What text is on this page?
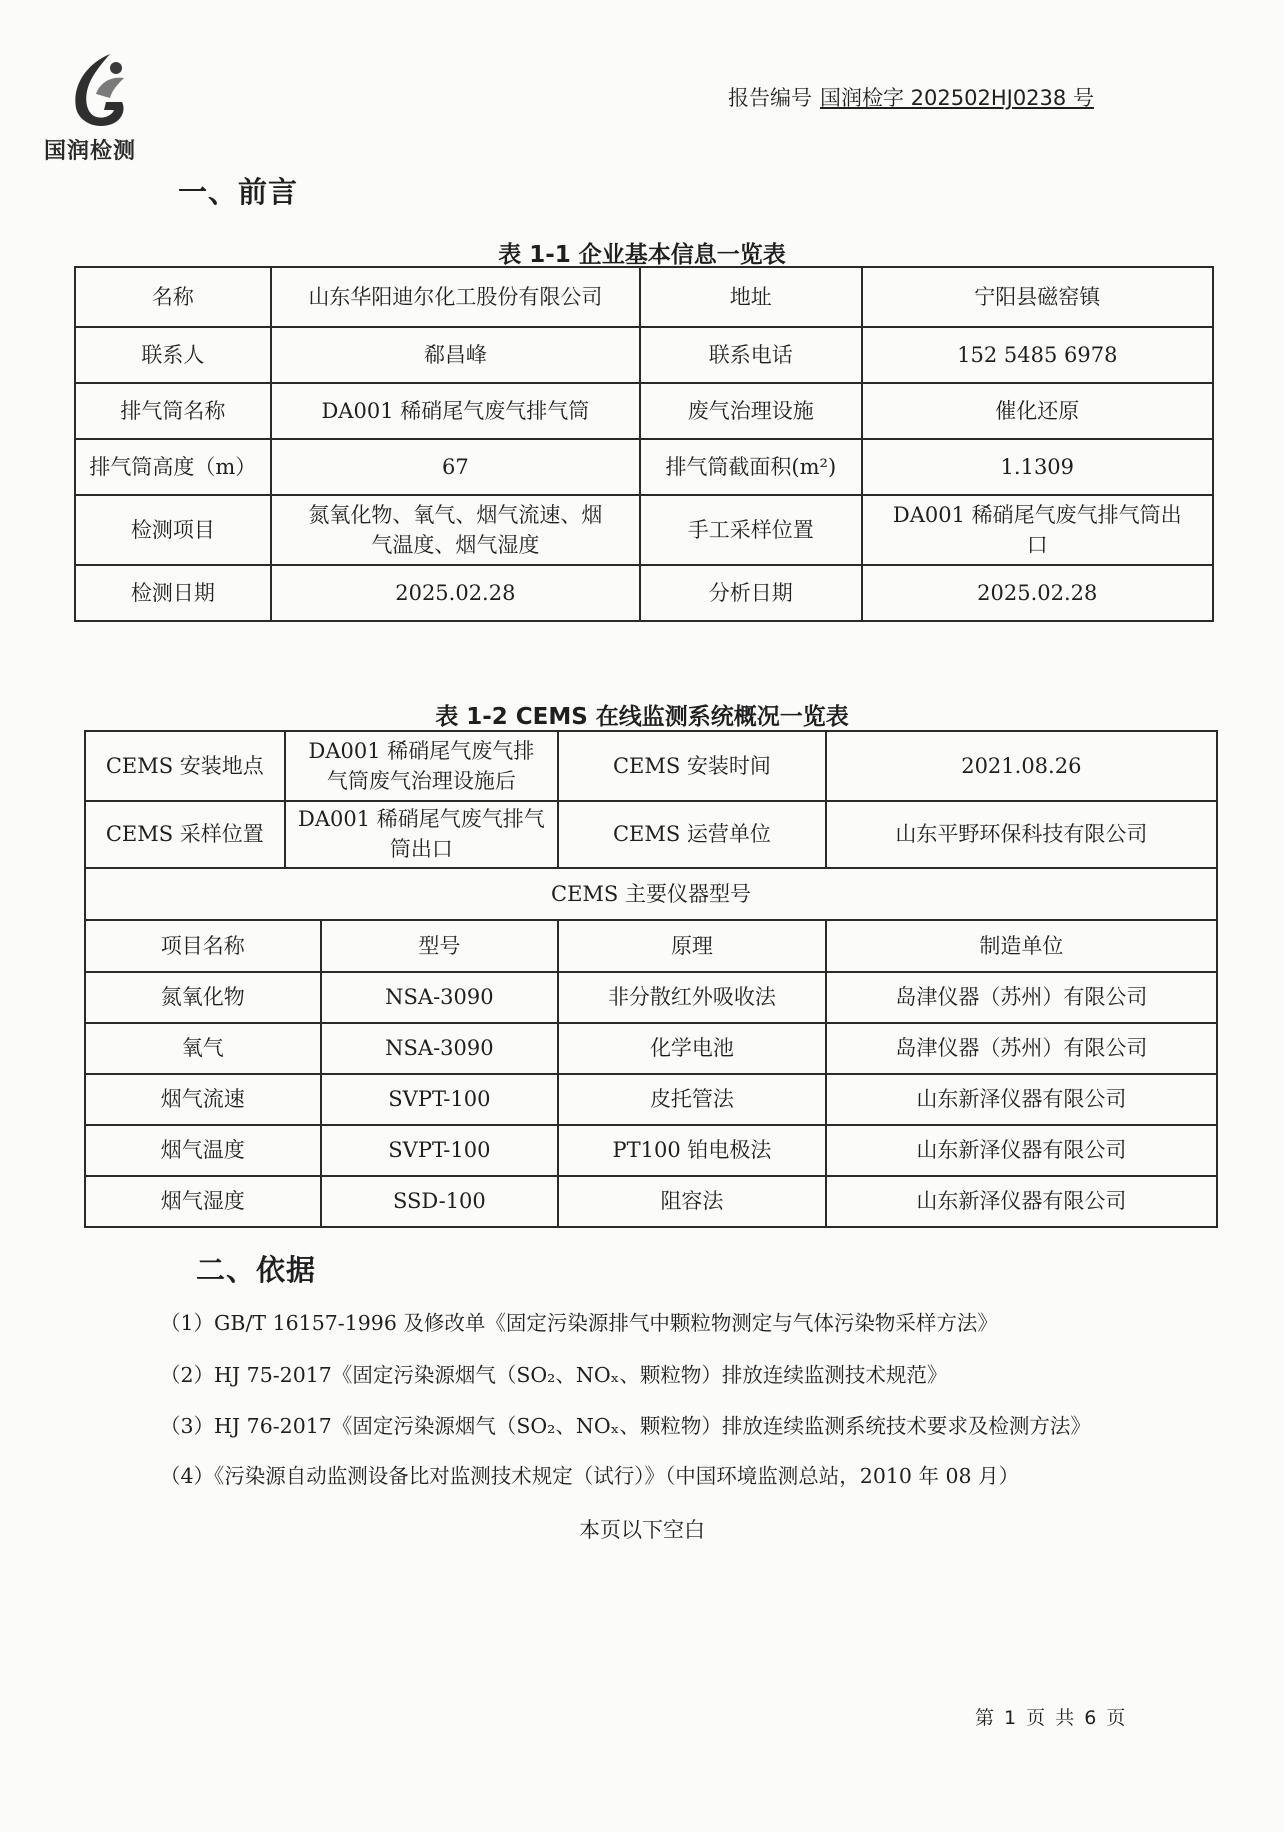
国润检测
报告编号 国润检字 202502HJ0238 号
一、前言
表 1-1 企业基本信息一览表
名称	山东华阳迪尔化工股份有限公司	地址	宁阳县磁窑镇
联系人	郗昌峰	联系电话	152 5485 6978
排气筒名称	DA001 稀硝尾气废气排气筒	废气治理设施	催化还原
排气筒高度（m）	67	排气筒截面积(m²)	1.1309
检测项目	氮氧化物、氧气、烟气流速、烟气温度、烟气湿度	手工采样位置	DA001 稀硝尾气废气排气筒出口
检测日期	2025.02.28	分析日期	2025.02.28
表 1-2 CEMS 在线监测系统概况一览表
CEMS 安装地点	DA001 稀硝尾气废气排气筒废气治理设施后		CEMS 安装时间	2021.08.26
CEMS 采样位置	DA001 稀硝尾气废气排气筒出口		CEMS 运营单位	山东平野环保科技有限公司
CEMS 主要仪器型号				
项目名称		型号	原理	制造单位
氮氧化物		NSA-3090	非分散红外吸收法	岛津仪器（苏州）有限公司
氧气		NSA-3090	化学电池	岛津仪器（苏州）有限公司
烟气流速		SVPT-100	皮托管法	山东新泽仪器有限公司
烟气温度		SVPT-100	PT100 铂电极法	山东新泽仪器有限公司
烟气湿度		SSD-100	阻容法	山东新泽仪器有限公司
二、依据
（1）GB/T 16157-1996 及修改单《固定污染源排气中颗粒物测定与气体污染物采样方法》
（2）HJ 75-2017《固定污染源烟气（SO₂、NOₓ、颗粒物）排放连续监测技术规范》
（3）HJ 76-2017《固定污染源烟气（SO₂、NOₓ、颗粒物）排放连续监测系统技术要求及检测方法》
（4）《污染源自动监测设备比对监测技术规定（试行）》（中国环境监测总站，2010 年 08 月）
本页以下空白
第 1 页 共 6 页
